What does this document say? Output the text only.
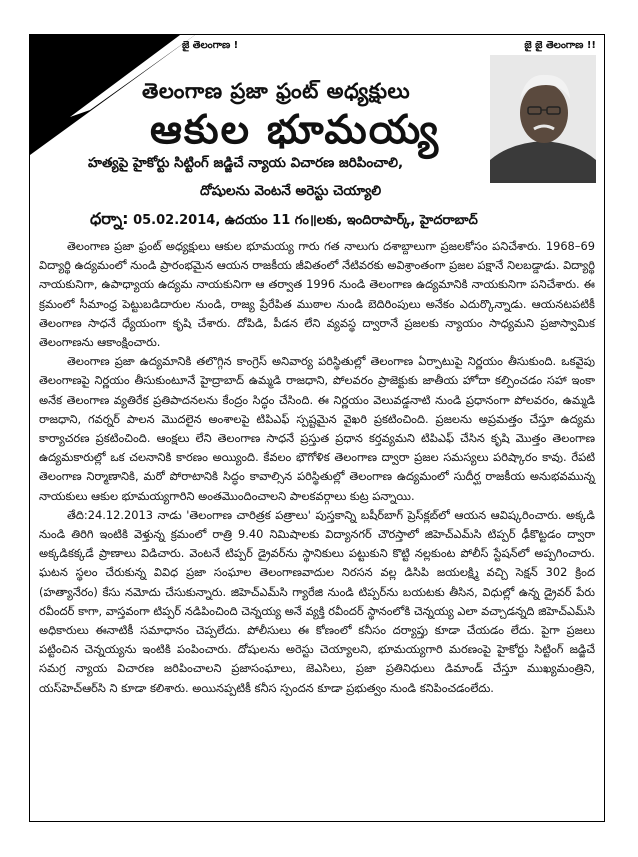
జై తెలంగాణ !	జై జై తెలంగాణ !!
తెలంగాణ ప్రజా ఫ్రంట్ అధ్యక్షులు
ఆకుల భూమయ్య
హత్యపై హైకోర్టు సిట్టింగ్ జడ్జిచే న్యాయ విచారణ జరిపించాలి,
దోషులను వెంటనే అరెస్టు చెయ్యాలి
ధర్నా: 05.02.2014, ఉదయం 11 గం॥లకు, ఇందిరాపార్క్, హైదరాబాద్

తెలంగాణ ప్రజా ఫ్రంట్ అధ్యక్షులు ఆకుల భూమయ్య గారు గత నాలుగు దశాబ్దాలుగా ప్రజలకోసం పనిచేశారు. 1968–69 విద్యార్థి ఉద్యమంలో నుండి ప్రారంభమైన ఆయన రాజకీయ జీవితంలో నేటివరకు అవిశ్రాంతంగా ప్రజల పక్షానే నిలబడ్డాడు. విద్యార్థి నాయకునిగా, ఉపాధ్యాయ ఉద్యమ నాయకునిగా ఆ తర్వాత 1996 నుండి తెలంగాణ ఉద్యమానికి నాయకునిగా పనిచేశారు. ఈ క్రమంలో సీమాంధ్ర పెట్టుబడిదారుల నుండి, రాజ్య ప్రేరేపిత ముఠాల నుండి బెదిరింపులు అనేకం ఎదుర్కొన్నాడు. ఆయనటపటికీ తెలంగాణ సాధనే ధ్యేయంగా కృషి చేశారు. దోపిడి, పీడన లేని వ్యవస్థ ద్వారానే ప్రజలకు న్యాయం సాధ్యమని ప్రజాస్వామిక తెలంగాణను ఆకాంక్షించారు.

తెలంగాణ ప్రజా ఉద్యమానికి తలొగ్గిన కాంగ్రెస్ అనివార్య పరిస్థితుల్లో తెలంగాణ ఏర్పాటుపై నిర్ణయం తీసుకుంది. ఒకవైపు తెలంగాణపై నిర్ణయం తీసుకుంటూనే హైద్రాబాద్ ఉమ్మడి రాజధాని, పోలవరం ప్రాజెక్టుకు జాతీయ హోదా కల్పించడం సహా ఇంకా అనేక తెలంగాణ వ్యతిరేక ప్రతిపాదనలను కేంద్రం సిద్ధం చేసింది. ఈ నిర్ణయం వెలువడ్డనాటి నుండి ప్రధానంగా పోలవరం, ఉమ్మడి రాజధాని, గవర్నర్ పాలన మొదలైన అంశాలపై టిపిఎఫ్ స్పష్టమైన వైఖరి ప్రకటించింది. ప్రజలను అప్రమత్తం చేస్తూ ఉద్యమ కార్యాచరణ ప్రకటించింది. ఆంక్షలు లేని తెలంగాణ సాధనే ప్రస్తుత ప్రధాన కర్తవ్యమని టిపిఎఫ్ చేసిన కృషి మొత్తం తెలంగాణ ఉద్యమకారుల్లో ఒక చలనానికి కారణం అయ్యింది. కేవలం భౌగోళిక తెలంగాణ ద్వారా ప్రజల సమస్యలు పరిష్కారం కావు. రేపటి తెలంగాణ నిర్మాణానికి, మరో పోరాటానికి సిద్ధం కావాల్సిన పరిస్థితుల్లో తెలంగాణ ఉద్యమంలో సుదీర్ఘ రాజకీయ అనుభవమున్న నాయకులు ఆకుల భూమయ్యగారిని అంతమొందించాలని పాలకవర్గాలు కుట్ర పన్నాయి.

తేది:24.12.2013 నాడు 'తెలంగాణ చారిత్రక పత్రాలు' పుస్తకాన్ని బషీర్‌బాగ్ ప్రెస్‌క్లబ్‌లో ఆయన ఆవిష్కరించారు. అక్కడి నుండి తిరిగి ఇంటికి వెళ్తున్న క్రమంలో రాత్రి 9.40 నిమిషాలకు విద్యానగర్ చౌరస్తాలో జిహెచ్‌ఎమ్‌సి టిప్పర్ ఢీకొట్టడం ద్వారా అక్కడికక్కడే ప్రాణాలు విడిచారు. వెంటనే టిప్పర్ డ్రైవర్‌ను స్థానికులు పట్టుకుని కొట్టి నల్లకుంట పోలీస్ స్టేషన్‌లో అప్పగించారు. ఘటన స్థలం చేరుకున్న వివిధ ప్రజా సంఘాల తెలంగాణవాదుల నిరసన వల్ల డిసిపి జయలక్ష్మి వచ్చి సెక్షన్ 302 క్రింద (హత్యానేరం) కేసు నమోదు చేసుకున్నారు. జిహెచ్‌ఎమ్‌సి గ్యారేజి నుండి టిప్పర్‌ను బయటకు తీసిన, విధుల్లో ఉన్న డ్రైవర్ పేరు రవీందర్ కాగా, వాస్తవంగా టిప్పర్ నడిపించింది చెన్నయ్య అనే వ్యక్తి రవీందర్ స్థానంలోకి చెన్నయ్య ఎలా వచ్చాడన్నది జిహెచ్‌ఎమ్‌సి అధికారులు ఈనాటికీ సమాధానం చెప్పలేదు. పోలీసులు ఈ కోణంలో కనీసం దర్యాప్తు కూడా చేయడం లేదు. పైగా ప్రజలు పట్టించిన చెన్నయ్యను ఇంటికి పంపించారు. దోషులను అరెస్టు చెయ్యాలని, భూమయ్యగారి మరణంపై హైకోర్టు సిట్టింగ్ జడ్జిచే సమగ్ర న్యాయ విచారణ జరిపించాలని ప్రజాసంఘాలు, జెఎసిలు, ప్రజా ప్రతినిధులు డిమాండ్ చేస్తూ ముఖ్యమంత్రిని, యస్‌హెచ్‌ఆర్‌సి ని కూడా కలిశారు. అయినప్పటికీ కనీస స్పందన కూడా ప్రభుత్వం నుండి కనిపించడంలేదు.
